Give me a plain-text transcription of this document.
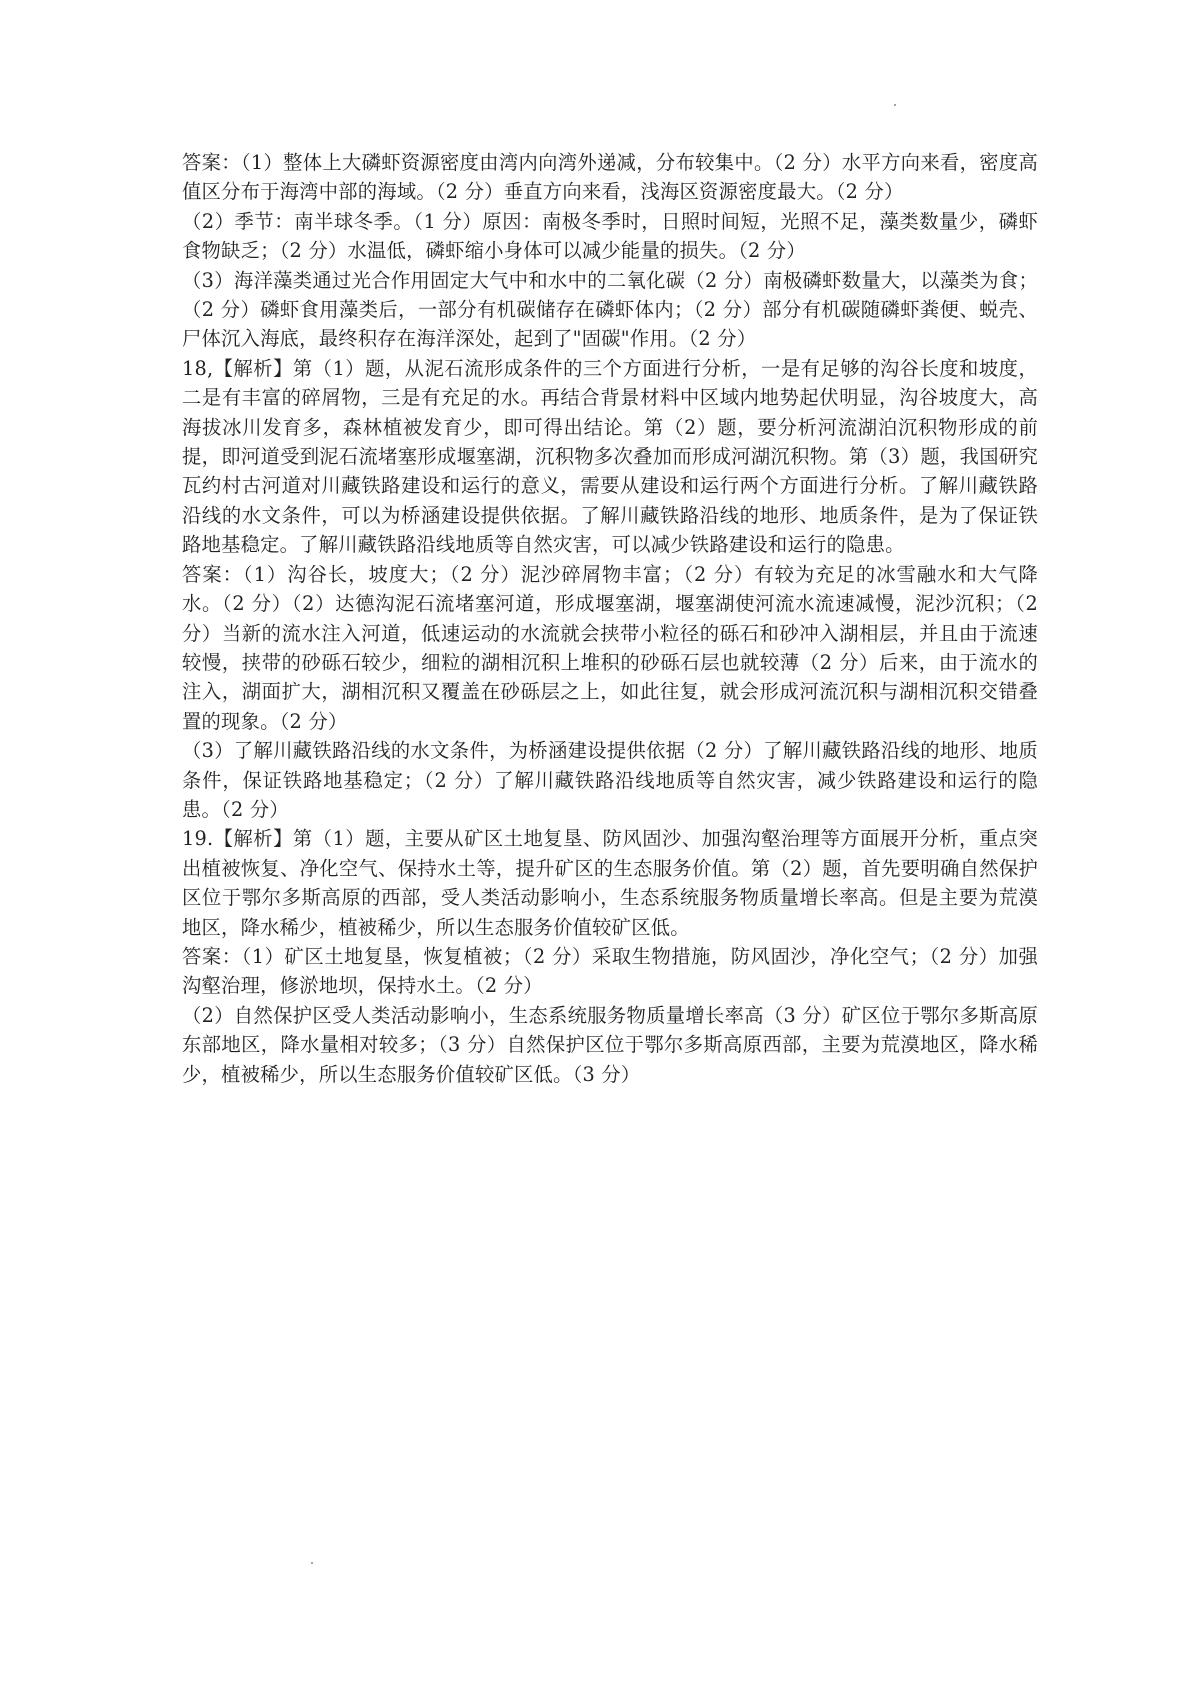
答案：（1）整体上大磷虾资源密度由湾内向湾外递减，分布较集中。（2 分）水平方向来看，密度高值区分布于海湾中部的海域。（2 分）垂直方向来看，浅海区资源密度最大。（2 分）

（2）季节：南半球冬季。（1 分）原因：南极冬季时，日照时间短，光照不足，藻类数量少，磷虾食物缺乏；（2 分）水温低，磷虾缩小身体可以减少能量的损失。（2 分）

（3）海洋藻类通过光合作用固定大气中和水中的二氧化碳（2 分）南极磷虾数量大，以藻类为食；（2 分）磷虾食用藻类后，一部分有机碳储存在磷虾体内；（2 分）部分有机碳随磷虾粪便、蜕壳、尸体沉入海底，最终积存在海洋深处，起到了"固碳"作用。（2 分）

18,【解析】第（1）题，从泥石流形成条件的三个方面进行分析，一是有足够的沟谷长度和坡度，二是有丰富的碎屑物，三是有充足的水。再结合背景材料中区域内地势起伏明显，沟谷坡度大，高海拔冰川发育多，森林植被发育少，即可得出结论。第（2）题，要分析河流湖泊沉积物形成的前提，即河道受到泥石流堵塞形成堰塞湖，沉积物多次叠加而形成河湖沉积物。第（3）题，我国研究瓦约村古河道对川藏铁路建设和运行的意义，需要从建设和运行两个方面进行分析。了解川藏铁路沿线的水文条件，可以为桥涵建设提供依据。了解川藏铁路沿线的地形、地质条件，是为了保证铁路地基稳定。了解川藏铁路沿线地质等自然灾害，可以减少铁路建设和运行的隐患。

答案：（1）沟谷长，坡度大；（2 分）泥沙碎屑物丰富；（2 分）有较为充足的冰雪融水和大气降水。（2 分）（2）达德沟泥石流堵塞河道，形成堰塞湖，堰塞湖使河流水流速减慢，泥沙沉积；（2 分）当新的流水注入河道，低速运动的水流就会挟带小粒径的砾石和砂冲入湖相层，并且由于流速较慢，挟带的砂砾石较少，细粒的湖相沉积上堆积的砂砾石层也就较薄（2 分）后来，由于流水的注入，湖面扩大，湖相沉积又覆盖在砂砾层之上，如此往复，就会形成河流沉积与湖相沉积交错叠置的现象。（2 分）

（3）了解川藏铁路沿线的水文条件，为桥涵建设提供依据（2 分）了解川藏铁路沿线的地形、地质条件，保证铁路地基稳定；（2 分）了解川藏铁路沿线地质等自然灾害，减少铁路建设和运行的隐患。（2 分）

19.【解析】第（1）题，主要从矿区土地复垦、防风固沙、加强沟壑治理等方面展开分析，重点突出植被恢复、净化空气、保持水土等，提升矿区的生态服务价值。第（2）题，首先要明确自然保护区位于鄂尔多斯高原的西部，受人类活动影响小，生态系统服务物质量增长率高。但是主要为荒漠地区，降水稀少，植被稀少，所以生态服务价值较矿区低。

答案：（1）矿区土地复垦，恢复植被；（2 分）采取生物措施，防风固沙，净化空气；（2 分）加强沟壑治理，修淤地坝，保持水土。（2 分）

（2）自然保护区受人类活动影响小，生态系统服务物质量增长率高（3 分）矿区位于鄂尔多斯高原东部地区，降水量相对较多；（3 分）自然保护区位于鄂尔多斯高原西部，主要为荒漠地区，降水稀少，植被稀少，所以生态服务价值较矿区低。（3 分）
